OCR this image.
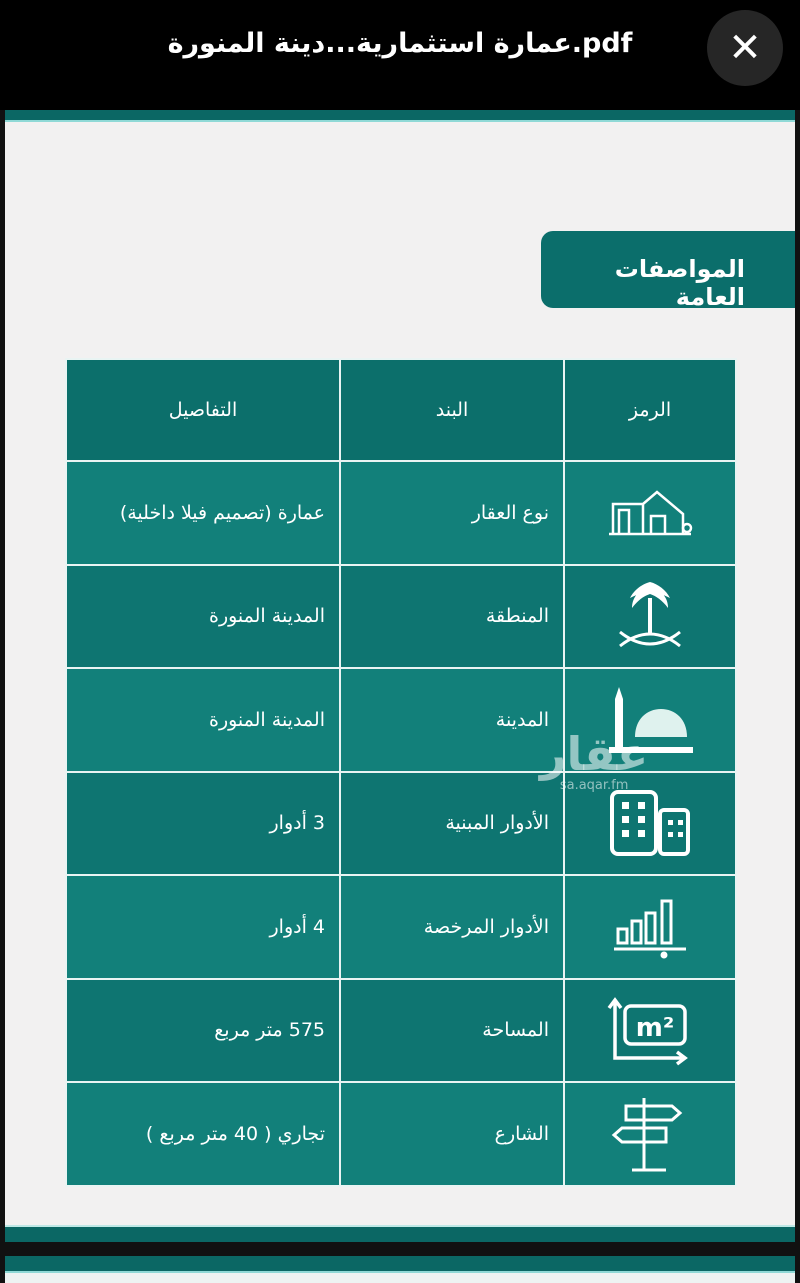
عمارة استثمارية...دينة المنورة.pdf	✕
المواصفات العامة
الرمز	البند	التفاصيل

	نوع العقار	عمارة (تصميم فيلا داخلية)

	المنطقة	المدينة المنورة

	المدينة	المدينة المنورة

	الأدوار المبنية	3 أدوار

	الأدوار المرخصة	4 أدوار

m²	المساحة	575 متر مربع

	الشارع	تجاري ( 40 متر مربع )
عقار
sa.aqar.fm
